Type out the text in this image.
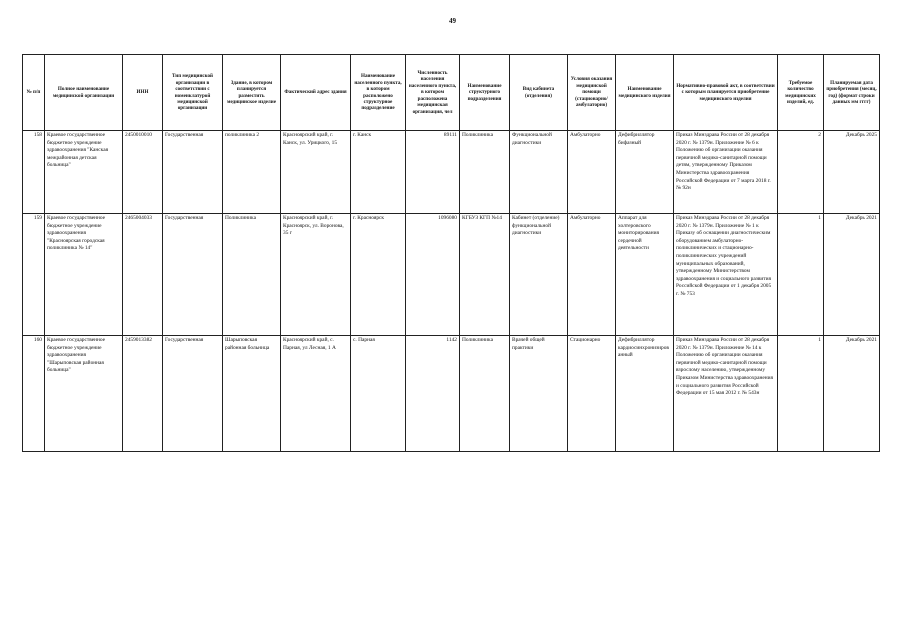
49
№ п/п	Полное наименование медицинской организации	ИНН	Тип медицинской организации в соответствии с номенклатурой медицинской организации	Здание, в котором планируется разместить медицинское изделие	Фактический адрес здания	Наименование населенного пункта, в котором расположено структурное подразделение	Численность населения населенного пункта, в котором расположена медицинская организация, чел	Наименование структурного подразделения	Вид кабинета (отделения)	Условия оказания медицинской помощи (стационарно/амбулаторно)	Наименование медицинского изделия	Нормативно-правовой акт, в соответствии с которым планируется приобретение медицинского изделия	Требуемое количество медицинских изделий, ед.	Планируемая дата приобретения (месяц, год) (формат строки данных мм гггг)
158	Краевое государственное бюджетное учреждение здравоохранения "Канская межрайонная детская больница"	2450010010	Государственная	поликлиника 2	Красноярский край, г. Канск, ул. Урицкого, 15	г. Канск	89111	Поликлиника	Функциональной диагностики	Амбулаторно	Дефибриллятор бифазный	Приказ Минздрава России от 28 декабря 2020 г. № 1379н. Приложение № 6 к Положению об организации оказания первичной медико-санитарной помощи детям, утвержденному Приказом Министерства здравоохранения Российской Федерации от 7 марта 2018 г. № 92н	2	Декабрь 2025
159	Краевое государственное бюджетное учреждение здравоохранения "Красноярская городская поликлиника № 14"	2465004033	Государственная	Поликлиника	Красноярский край, г. Красноярск, ул. Воронова, 35 г	г. Красноярск	1096080	КГБУЗ КГП №14	Кабинет (отделение) функциональной диагностики	Амбулаторно	Аппарат для холтеровского мониторирования сердечной деятельности	Приказ Минздрава России от 28 декабря 2020 г. № 1379н. Приложение № 1 к Приказу об оснащении диагностическим оборудованием амбулаторно-поликлинических и стационарно-поликлинических учреждений муниципальных образований, утвержденному Министерством здравоохранения и социального развития Российской Федерации от 1 декабря 2005 г. № 753	1	Декабрь 2021
160	Краевое государственное бюджетное учреждение здравоохранения "Шарыповская районная больница"	2459013382	Государственная	Шарыповская районная больница	Красноярский край, с. Парная, ул Лесная, 1 А	с. Парная	1142	Поликлиника	Врачей общей практики	Стационарно	Дефибриллятор кардиосинхронизированный	Приказ Минздрава России от 28 декабря 2020 г. № 1379н. Приложение № 14 к Положению об организации оказания первичной медико-санитарной помощи взрослому населению, утвержденному Приказом Министерства здравоохранения и социального развития Российской Федерации от 15 мая 2012 г. № 543н	1	Декабрь 2021
